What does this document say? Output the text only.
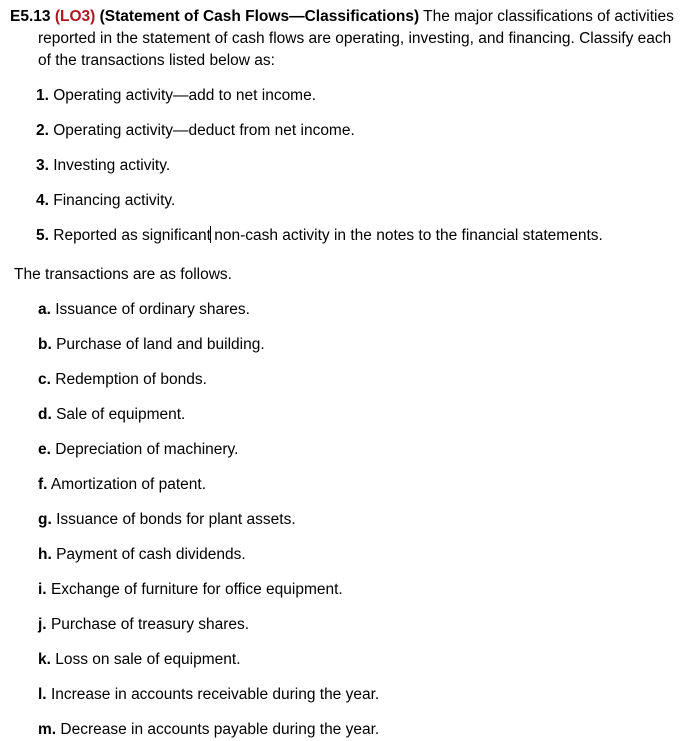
E5.13 (LO3) (Statement of Cash Flows—Classifications) The major classifications of activities reported in the statement of cash flows are operating, investing, and financing. Classify each of the transactions listed below as:

1. Operating activity—add to net income.
2. Operating activity—deduct from net income.
3. Investing activity.
4. Financing activity.
5. Reported as significant non-cash activity in the notes to the financial statements.

The transactions are as follows.

a. Issuance of ordinary shares.
b. Purchase of land and building.
c. Redemption of bonds.
d. Sale of equipment.
e. Depreciation of machinery.
f. Amortization of patent.
g. Issuance of bonds for plant assets.
h. Payment of cash dividends.
i. Exchange of furniture for office equipment.
j. Purchase of treasury shares.
k. Loss on sale of equipment.
l. Increase in accounts receivable during the year.
m. Decrease in accounts payable during the year.
